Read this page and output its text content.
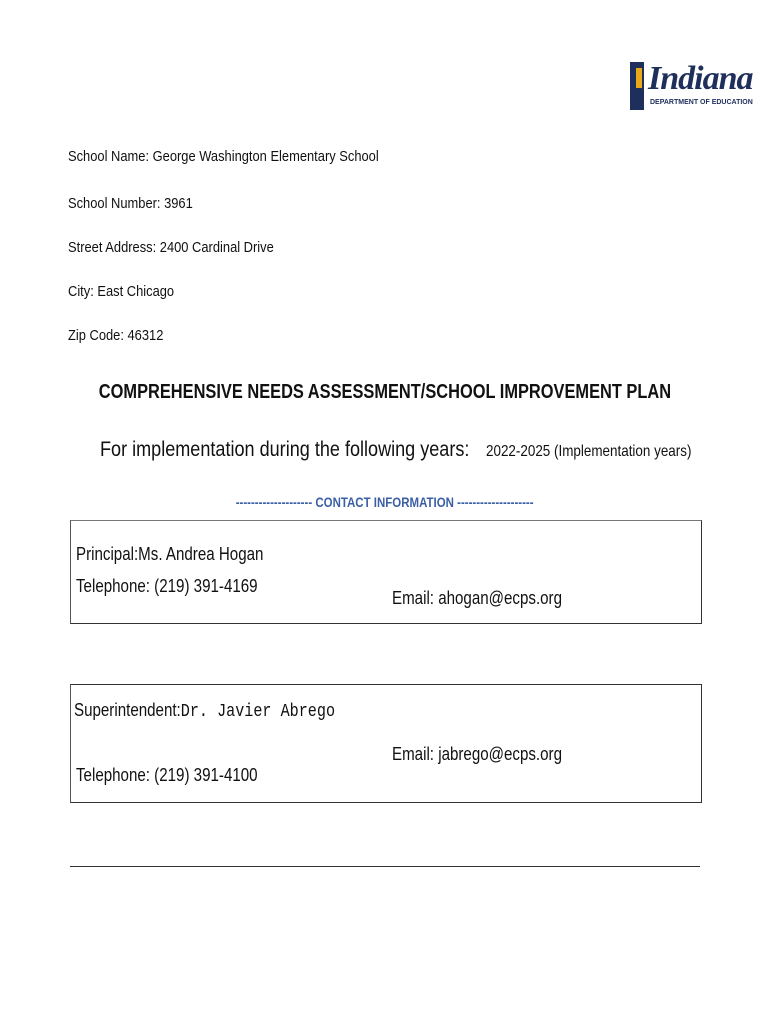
Indiana
DEPARTMENT OF EDUCATION
School Name: George Washington Elementary School
School Number: 3961
Street Address: 2400 Cardinal Drive
City: East Chicago
Zip Code: 46312
COMPREHENSIVE NEEDS ASSESSMENT/SCHOOL IMPROVEMENT PLAN
For implementation during the following years: 2022-2025 (Implementation years)
-------------------- CONTACT INFORMATION --------------------
Principal:Ms. Andrea Hogan
Telephone: (219) 391-4169
Email: ahogan@ecps.org
Superintendent:Dr. Javier Abrego
Email: jabrego@ecps.org
Telephone: (219) 391-4100
